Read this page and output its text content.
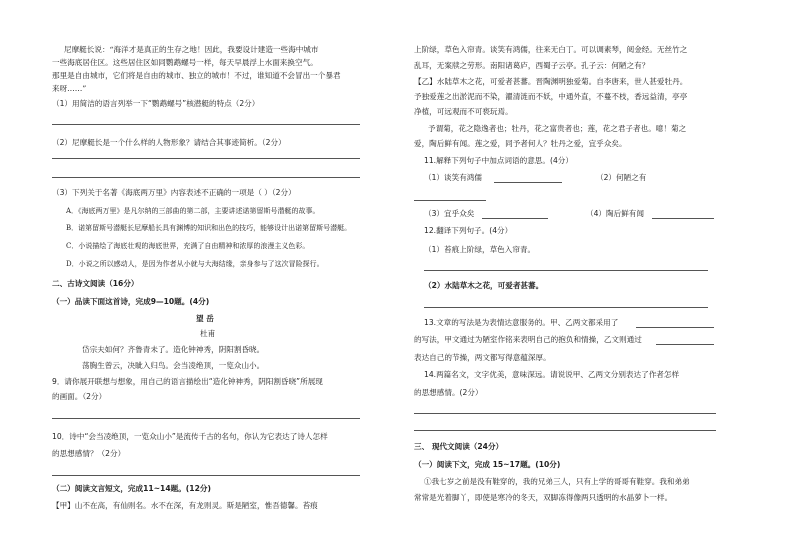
尼摩艇长说：“海洋才是真正的生存之地！因此，我要设计建造一些海中城市
一些海底居住区。这些居住区如同鹦鹉螺号一样，每天早晨浮上水面来换空气。
那里是自由城市，它们将是自由的城市、独立的城市！不过，谁知道不会冒出一个暴君
来呀……”
（1）用简洁的语言列举一下“鹦鹉螺号”核潜艇的特点（2分）
（2）尼摩艇长是一个什么样的人物形象？请结合其事迹简析。（2分）
（3）下列关于名著《海底两万里》内容表述不正确的一项是（ ）（2分）
A．《海底两万里》是凡尔纳的三部曲的第二部，主要讲述诺第留斯号潜艇的故事。
B．诺第留斯号潜艇长尼摩船长具有渊博的知识和出色的技巧，能够设计出诺第留斯号潜艇。
C．小说描绘了海底壮观的海底世界，充满了自由精神和浓厚的浪漫主义色彩。
D．小说之所以感动人，是因为作者从小就与大海结缘，亲身参与了这次冒险探行。
二、古诗文阅读（16分）
（一）品读下面这首诗，完成9—10题。(4分)
望 岳
杜甫
岱宗夫如何？齐鲁青未了。造化钟神秀，阴阳割昏晓。
荡胸生曾云，决眦入归鸟。会当凌绝顶，一览众山小。
9．请你展开联想与想象，用自己的语言描绘出“造化钟神秀，阴阳割昏晓”所展现
的画面。（2分）
10．诗中“会当凌绝顶，一览众山小”是流传千古的名句，你认为它表达了诗人怎样
的思想感情？（2分）
（二）阅读文言短文，完成11~14题。(12分)
【甲】山不在高，有仙则名。水不在深，有龙则灵。斯是陋室，惟吾德馨。苔痕
上阶绿，草色入帘青。谈笑有鸿儒，往来无白丁。可以调素琴，阅金经。无丝竹之
乱耳，无案牍之劳形。南阳诸葛庐，西蜀子云亭。孔子云：何陋之有？
【乙】水陆草木之花，可爱者甚蕃。晋陶渊明独爱菊。自李唐来，世人甚爱牡丹。
予独爱莲之出淤泥而不染，濯清涟而不妖，中通外直，不蔓不枝，香远益清，亭亭
净植，可远观而不可亵玩焉。
予谓菊，花之隐逸者也；牡丹，花之富贵者也；莲，花之君子者也。噫！菊之
爱，陶后鲜有闻。莲之爱，同予者何人？牡丹之爱，宜乎众矣。
11.解释下列句子中加点词语的意思。(4分）
（1）谈笑有鸿儒	（2）何陋之有
（3）宜乎众矣	（4）陶后鲜有闻
12.翻译下列句子。(4分）
（1）苔痕上阶绿，草色入帘青。
（2）水陆草木之花，可爱者甚蕃。
13.文章的写法是为表情达意服务的。甲、乙两文都采用了
的写法，甲文通过为陋室作铭来表明自己的抱负和情操，乙文则通过
表达自己的节操，两文都写得意蕴深厚。
14.两篇名文，文字优美，意味深远。请说说甲、乙两文分别表达了作者怎样
的思想感情。(2分）
三、 现代文阅读（24分）
（一）阅读下文，完成 15~17题。(10分)
①我七岁之前是没有鞋穿的，我的兄弟三人，只有上学的哥哥有鞋穿。我和弟弟
常常是光着脚丫，即使是寒冷的冬天，双脚冻得像两只透明的水晶萝卜一样。
